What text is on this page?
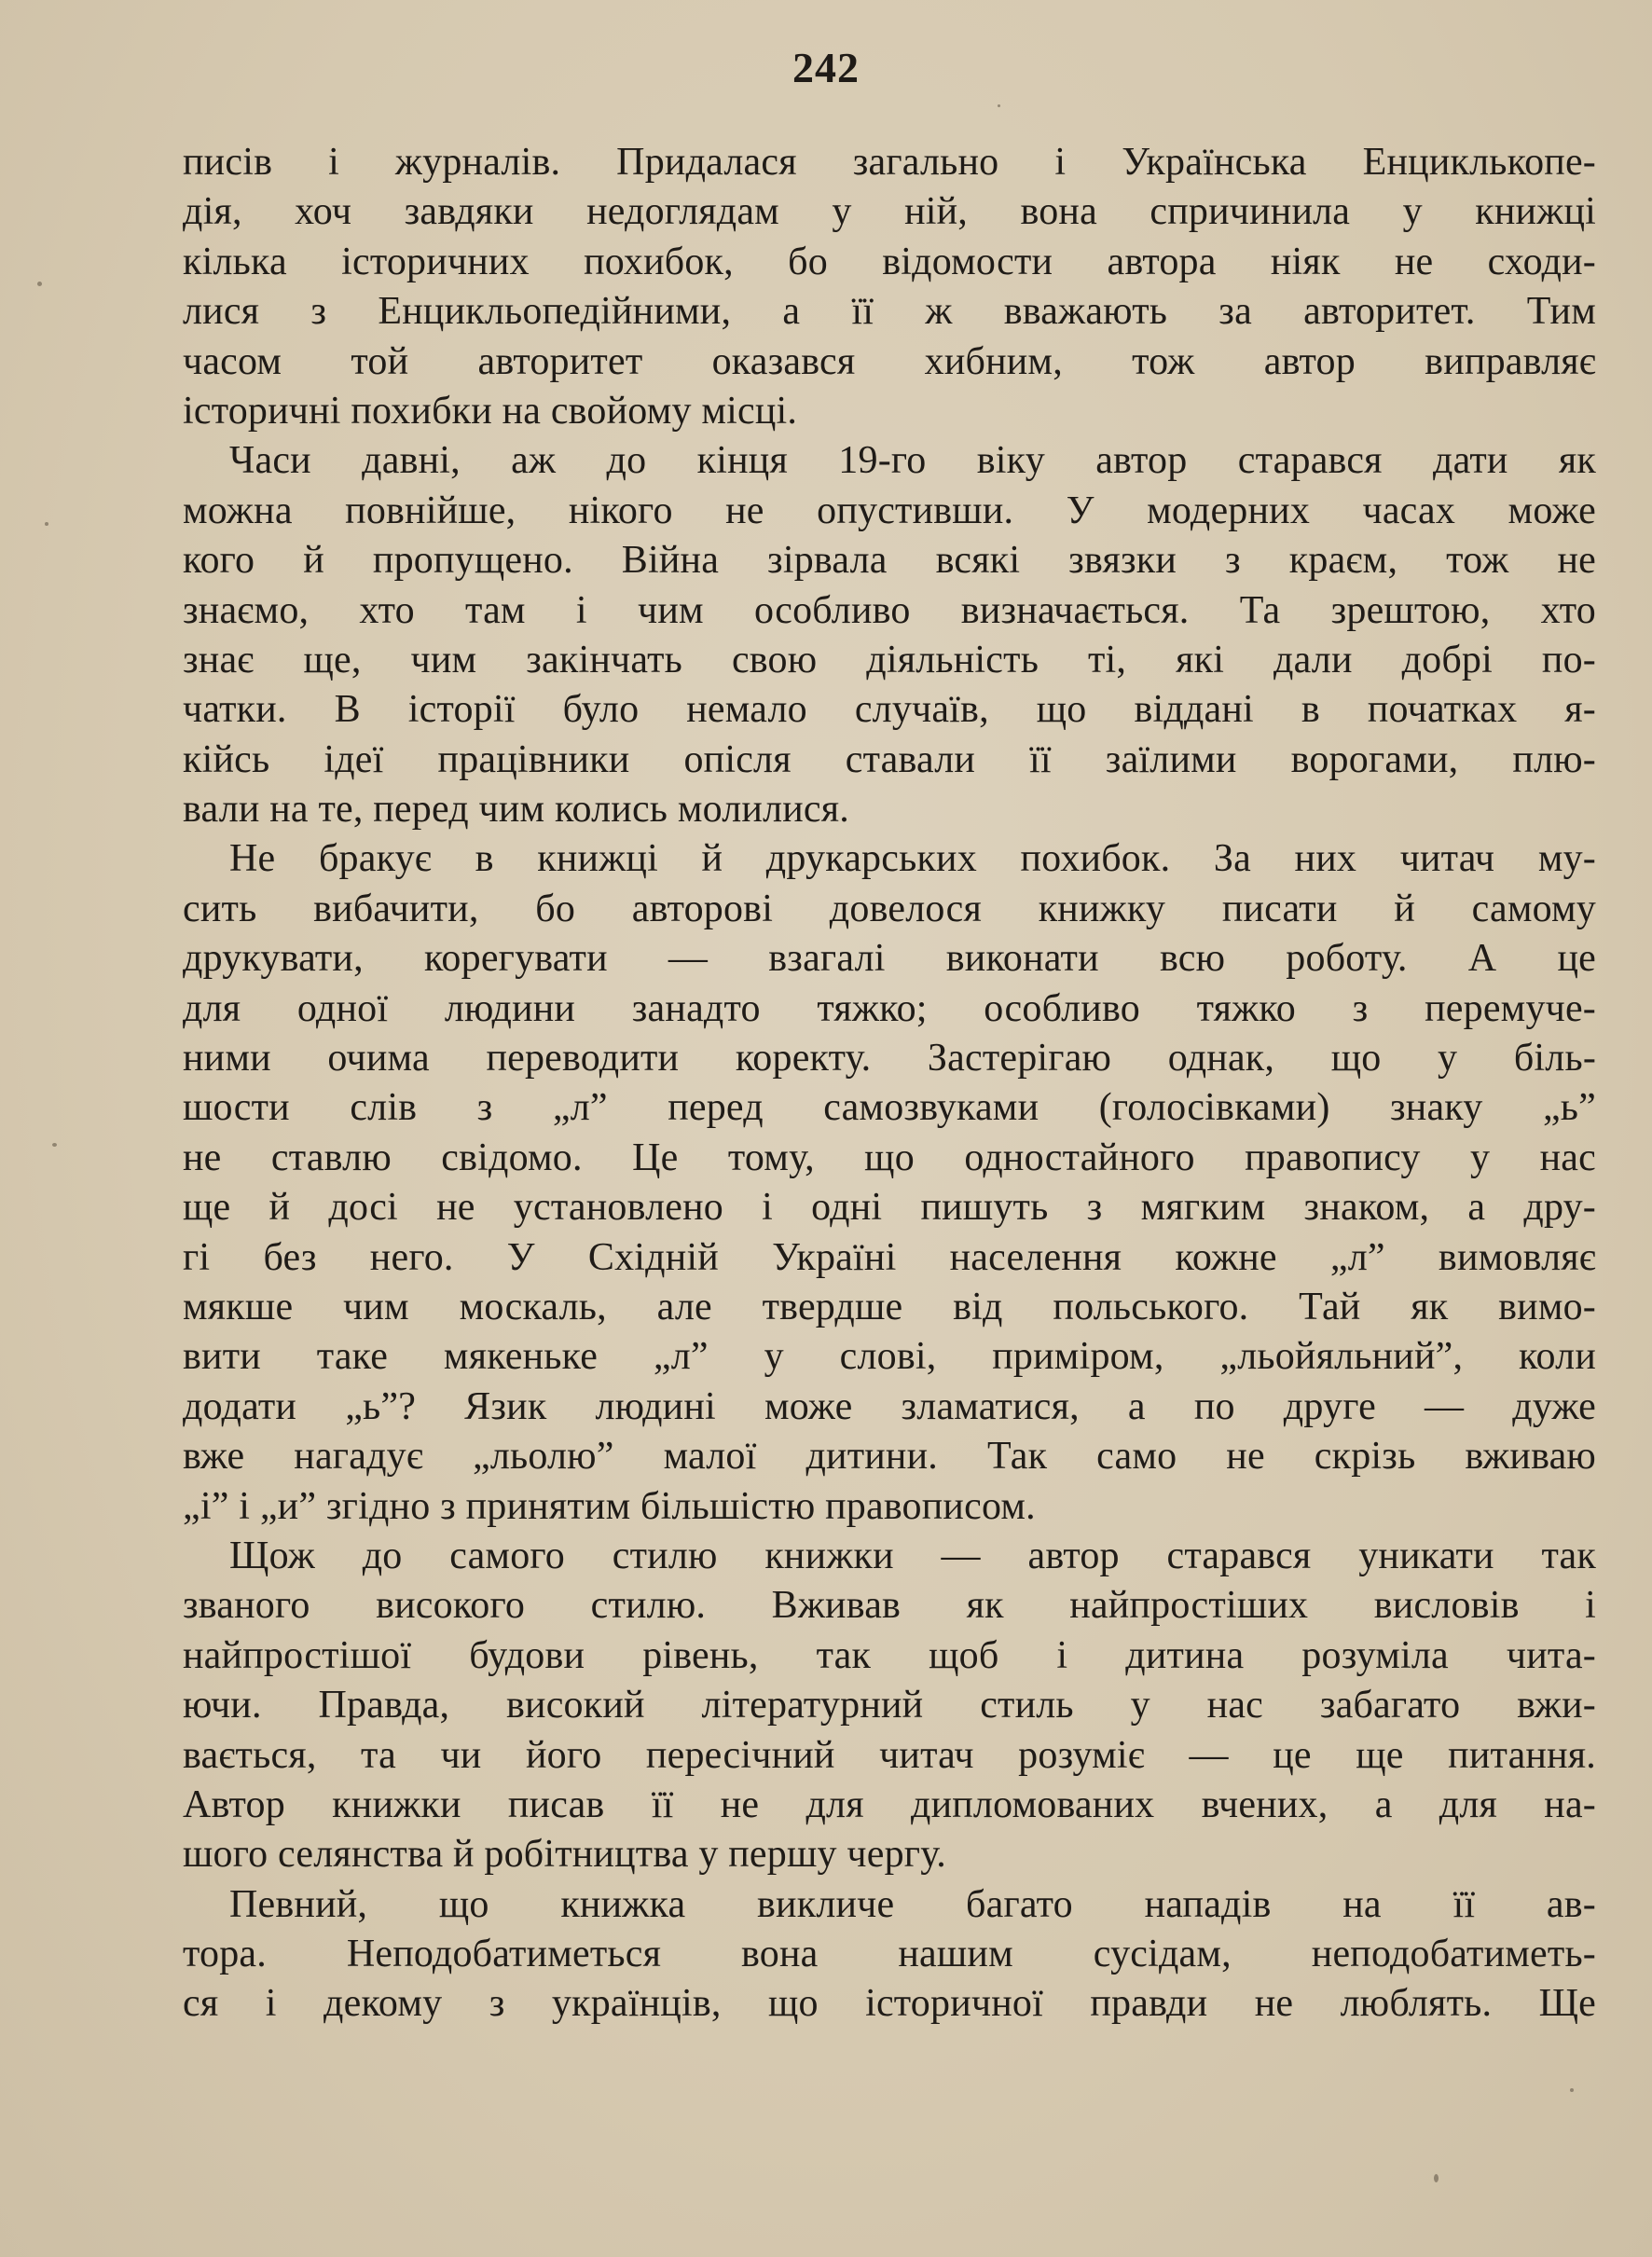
242
писів і журналів. Придалася загально і Українська Енциклькопе-
дія, хоч завдяки недоглядам у ній, вона спричинила у книжці
кілька історичних похибок, бо відомости автора ніяк не сходи-
лися з Енцикльопедійними, а її ж вважають за авторитет. Тим
часом той авторитет оказався хибним, тож автор виправляє
історичні похибки на свойому місці.
Часи давні, аж до кінця 19-го віку автор старався дати як
можна повнійше, нікого не опустивши. У модерних часах може
кого й пропущено. Війна зірвала всякі звязки з краєм, тож не
знаємо, хто там і чим особливо визначається. Та зрештою, хто
знає ще, чим закінчать свою діяльність ті, які дали добрі по-
чатки. В історії було немало случаїв, що віддані в початках я-
кійсь ідеї працівники опісля ставали її заїлими ворогами, плю-
вали на те, перед чим колись молилися.
Не бракує в книжці й друкарських похибок. За них читач му-
сить вибачити, бо авторові довелося книжку писати й самому
друкувати, корегувати — взагалі виконати всю роботу. А це
для одної людини занадто тяжко; особливо тяжко з перемуче-
ними очима переводити коректу. Застерігаю однак, що у біль-
шости слів з „л” перед самозвуками (голосівками) знаку „ь”
не ставлю свідомо. Це тому, що одностайного правопису у нас
ще й досі не установлено і одні пишуть з мягким знаком, а дру-
гі без него. У Східній Україні населення кожне „л” вимовляє
мякше чим москаль, але твердше від польського. Тай як вимо-
вити таке мякеньке „л” у слові, приміром, „льойяльний”, коли
додати „ь”? Язик людині може зламатися, а по друге — дуже
вже нагадує „льолю” малої дитини. Так само не скрізь вживаю
„і” і „и” згідно з принятим більшістю правописом.
Щож до самого стилю книжки — автор старався уникати так
званого високого стилю. Вживав як найпростіших висловів і
найпростішої будови рівень, так щоб і дитина розуміла чита-
ючи. Правда, високий літературний стиль у нас забагато вжи-
вається, та чи його пересічний читач розуміє — це ще питання.
Автор книжки писав її не для дипломованих вчених, а для на-
шого селянства й робітництва у першу чергу.
Певний, що книжка викличе багато нападів на її ав-
тора. Неподобатиметься вона нашим сусідам, неподобатиметь-
ся і декому з українців, що історичної правди не люблять. Ще
